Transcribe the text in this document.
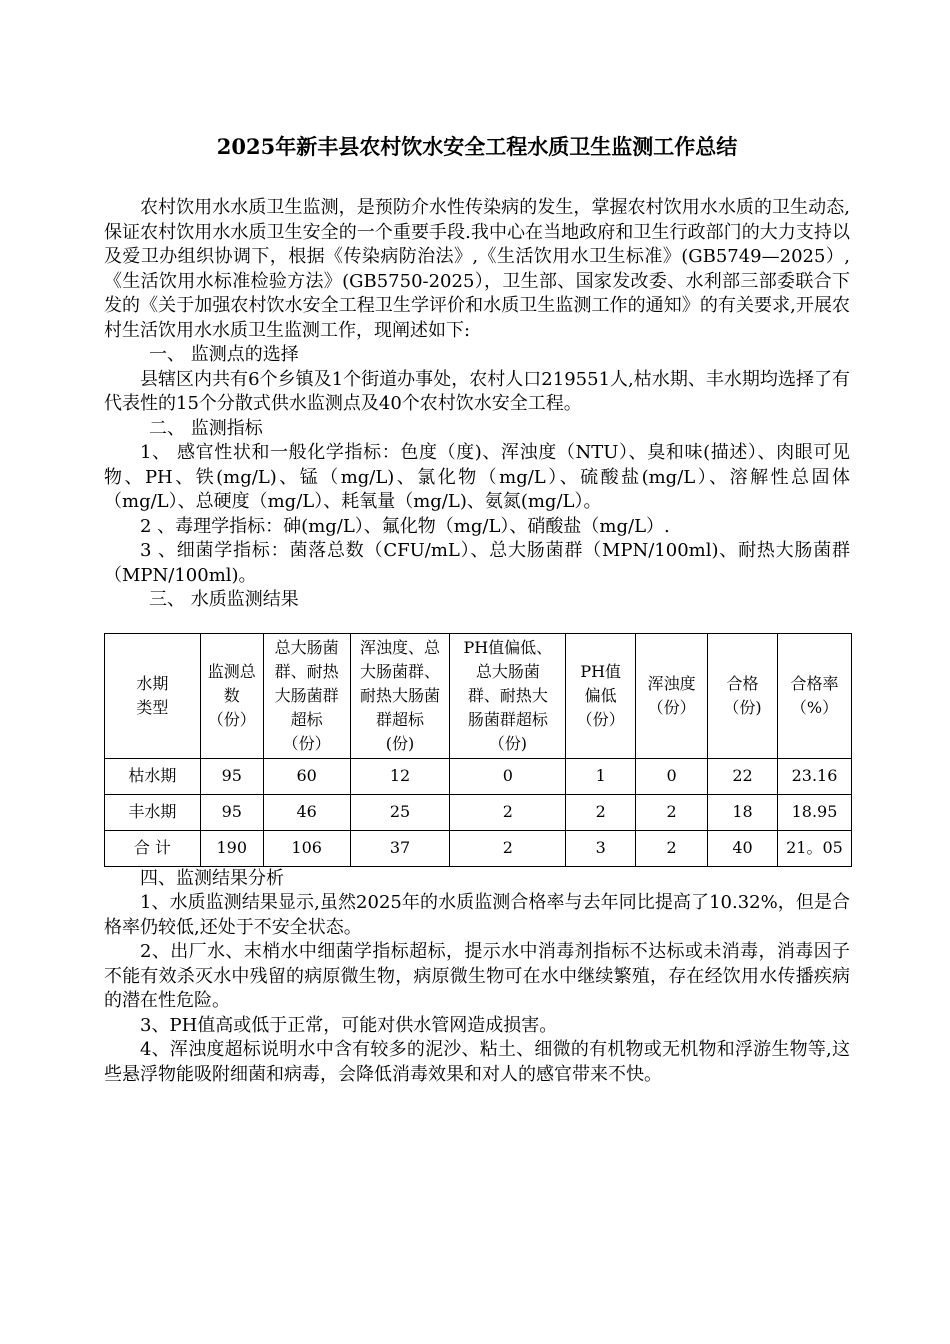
2025年新丰县农村饮水安全工程水质卫生监测工作总结

农村饮用水水质卫生监测，是预防介水性传染病的发生，掌握农村饮用水水质的卫生动态,保证农村饮用水水质卫生安全的一个重要手段.我中心在当地政府和卫生行政部门的大力支持以及爱卫办组织协调下，根据《传染病防治法》,《生活饮用水卫生标准》(GB5749—2025）,《生活饮用水标准检验方法》(GB5750-2025），卫生部、国家发改委、水利部三部委联合下发的《关于加强农村饮水安全工程卫生学评价和水质卫生监测工作的通知》的有关要求,开展农村生活饮用水水质卫生监测工作，现阐述如下:

一、 监测点的选择

县辖区内共有6个乡镇及1个街道办事处，农村人口219551人,枯水期、丰水期均选择了有代表性的15个分散式供水监测点及40个农村饮水安全工程。

二、 监测指标

1、 感官性状和一般化学指标：色度（度)、浑浊度（NTU）、臭和味(描述）、肉眼可见物、PH、铁(mg/L)、锰（mg/L)、氯化物（mg/L）、硫酸盐(mg/L）、溶解性总固体（mg/L）、总硬度（mg/L）、耗氧量（mg/L)、氨氮(mg/L）。

2 、毒理学指标：砷(mg/L）、氟化物（mg/L）、硝酸盐（mg/L）.

3 、细菌学指标：菌落总数（CFU/mL）、总大肠菌群（MPN/100ml)、耐热大肠菌群（MPN/100ml)。

三、 水质监测结果

水期
类型	监测总
数
（份）	总大肠菌
群、耐热
大肠菌群
超标
（份）	浑浊度、总
大肠菌群、
耐热大肠菌
群超标
(份)	PH值偏低、
总大肠菌
群、耐热大
肠菌群超标
（份)	PH值
偏低
（份）	浑浊度
（份）	合格
（份)	合格率
（%）
枯水期	95	60	12	0	1	0	22	23.16
丰水期	95	46	25	2	2	2	18	18.95
合 计	190	106	37	2	3	2	40	21。05

四、监测结果分析

1、水质监测结果显示,虽然2025年的水质监测合格率与去年同比提高了10.32%，但是合格率仍较低,还处于不安全状态。

2、出厂水、末梢水中细菌学指标超标，提示水中消毒剂指标不达标或未消毒，消毒因子不能有效杀灭水中残留的病原微生物，病原微生物可在水中继续繁殖，存在经饮用水传播疾病的潜在性危险。

3、PH值高或低于正常，可能对供水管网造成损害。

4、浑浊度超标说明水中含有较多的泥沙、粘土、细微的有机物或无机物和浮游生物等,这些悬浮物能吸附细菌和病毒，会降低消毒效果和对人的感官带来不快。
